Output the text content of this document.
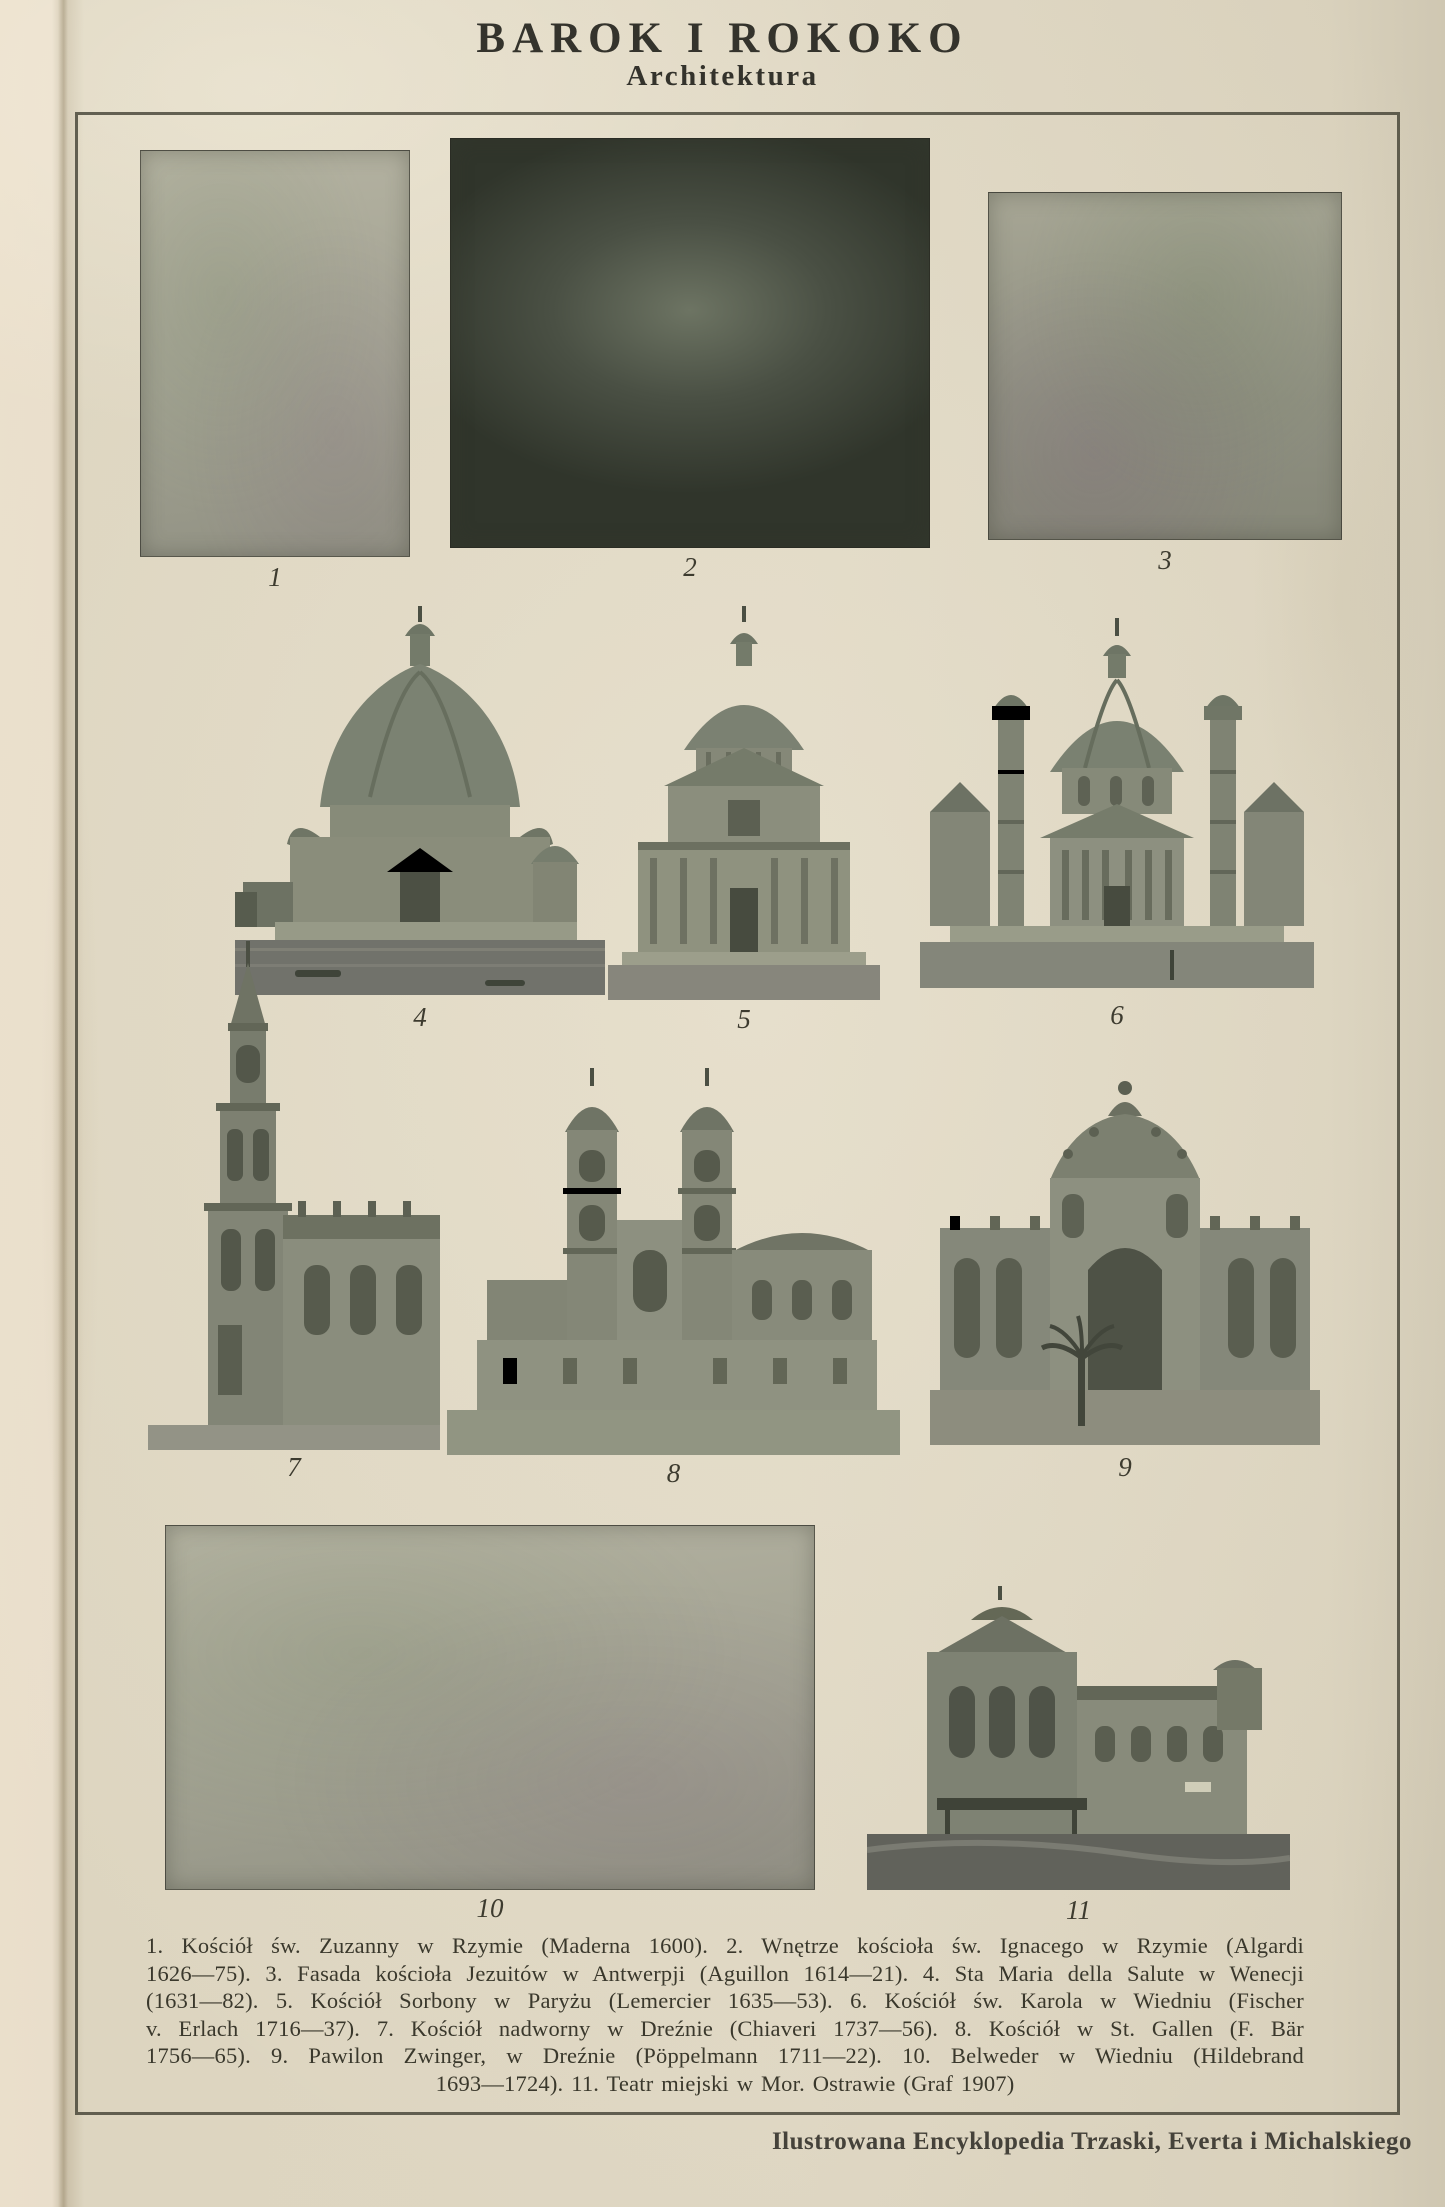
BAROK I ROKOKO
Architektura
1	2	3
4	5	6
7	8	9
10	11
1. Kościół św. Zuzanny w Rzymie (Maderna 1600). 2. Wnętrze kościoła św. Ignacego w Rzymie (Algardi
1626—75). 3. Fasada kościoła Jezuitów w Antwerpji (Aguillon 1614—21). 4. Sta Maria della Salute w Wenecji
(1631—82). 5. Kościół Sorbony w Paryżu (Lemercier 1635—53). 6. Kościół św. Karola w Wiedniu (Fischer
v. Erlach 1716—37). 7. Kościół nadworny w Dreźnie (Chiaveri 1737—56). 8. Kościół w St. Gallen (F. Bär
1756—65). 9. Pawilon Zwinger, w Dreźnie (Pöppelmann 1711—22). 10. Belweder w Wiedniu (Hildebrand
1693—1724). 11. Teatr miejski w Mor. Ostrawie (Graf 1907)
Ilustrowana Encyklopedia Trzaski, Everta i Michalskiego
